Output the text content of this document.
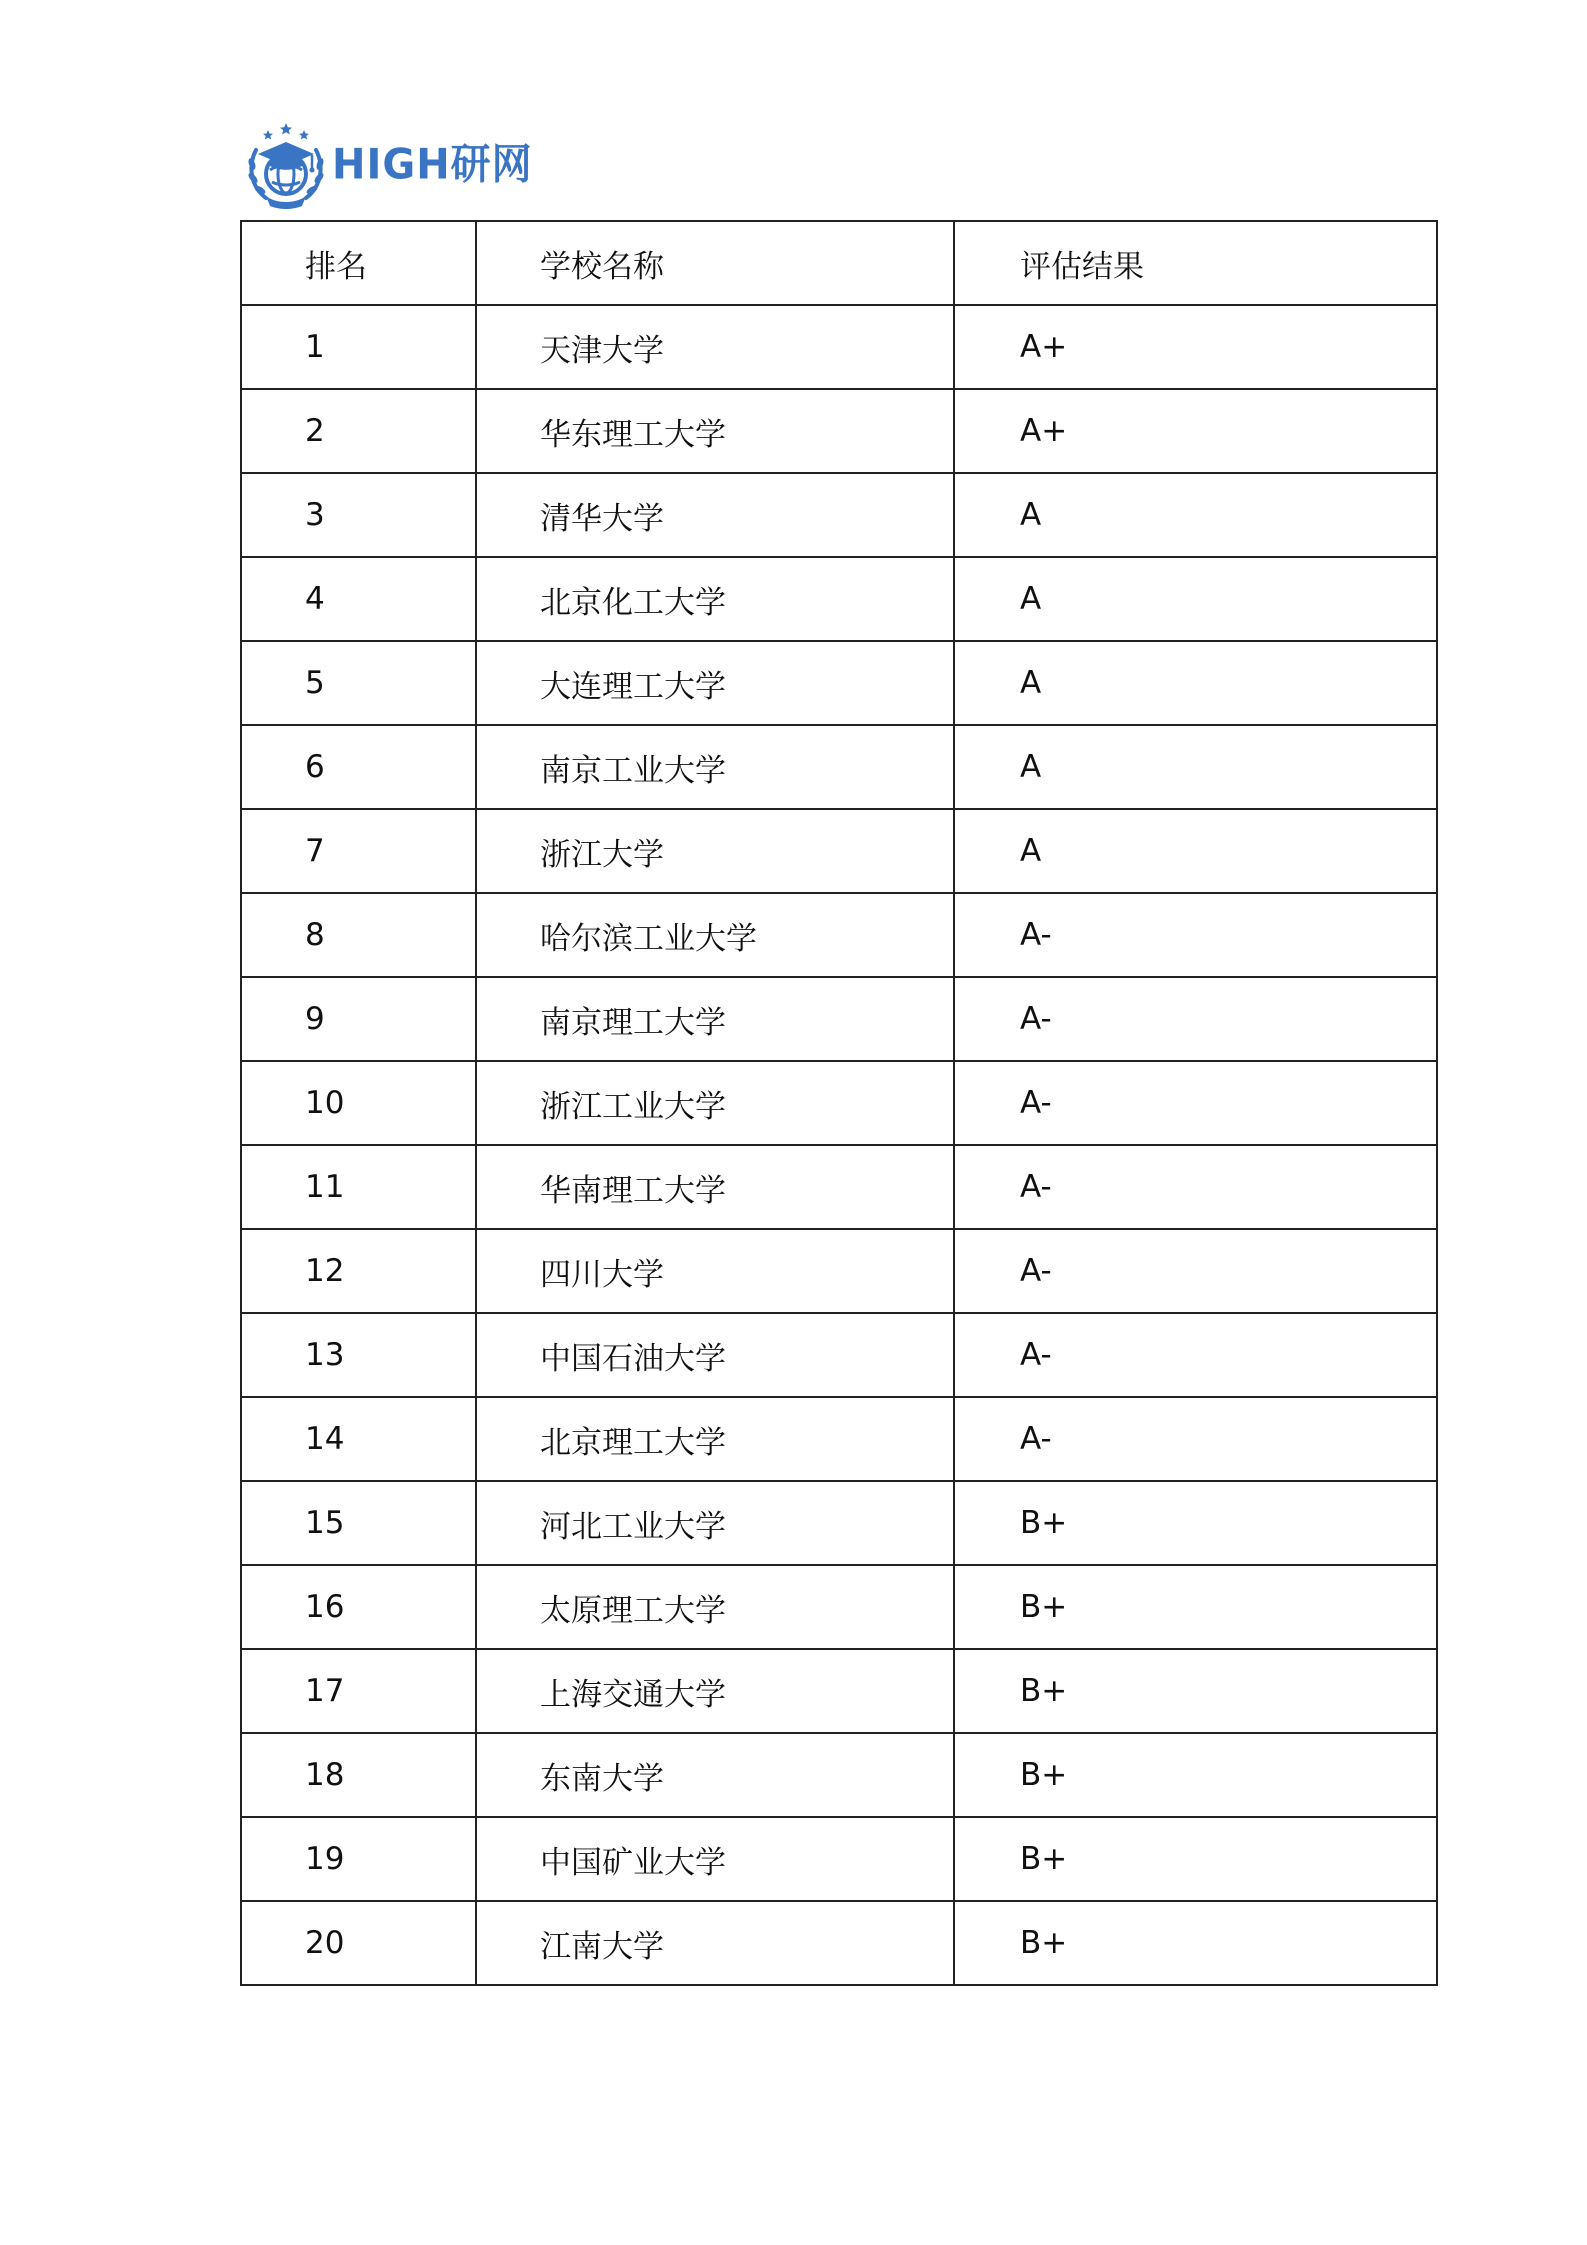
HIGH研网
排名	学校名称	评估结果
1	天津大学	A+
2	华东理工大学	A+
3	清华大学	A
4	北京化工大学	A
5	大连理工大学	A
6	南京工业大学	A
7	浙江大学	A
8	哈尔滨工业大学	A-
9	南京理工大学	A-
10	浙江工业大学	A-
11	华南理工大学	A-
12	四川大学	A-
13	中国石油大学	A-
14	北京理工大学	A-
15	河北工业大学	B+
16	太原理工大学	B+
17	上海交通大学	B+
18	东南大学	B+
19	中国矿业大学	B+
20	江南大学	B+
